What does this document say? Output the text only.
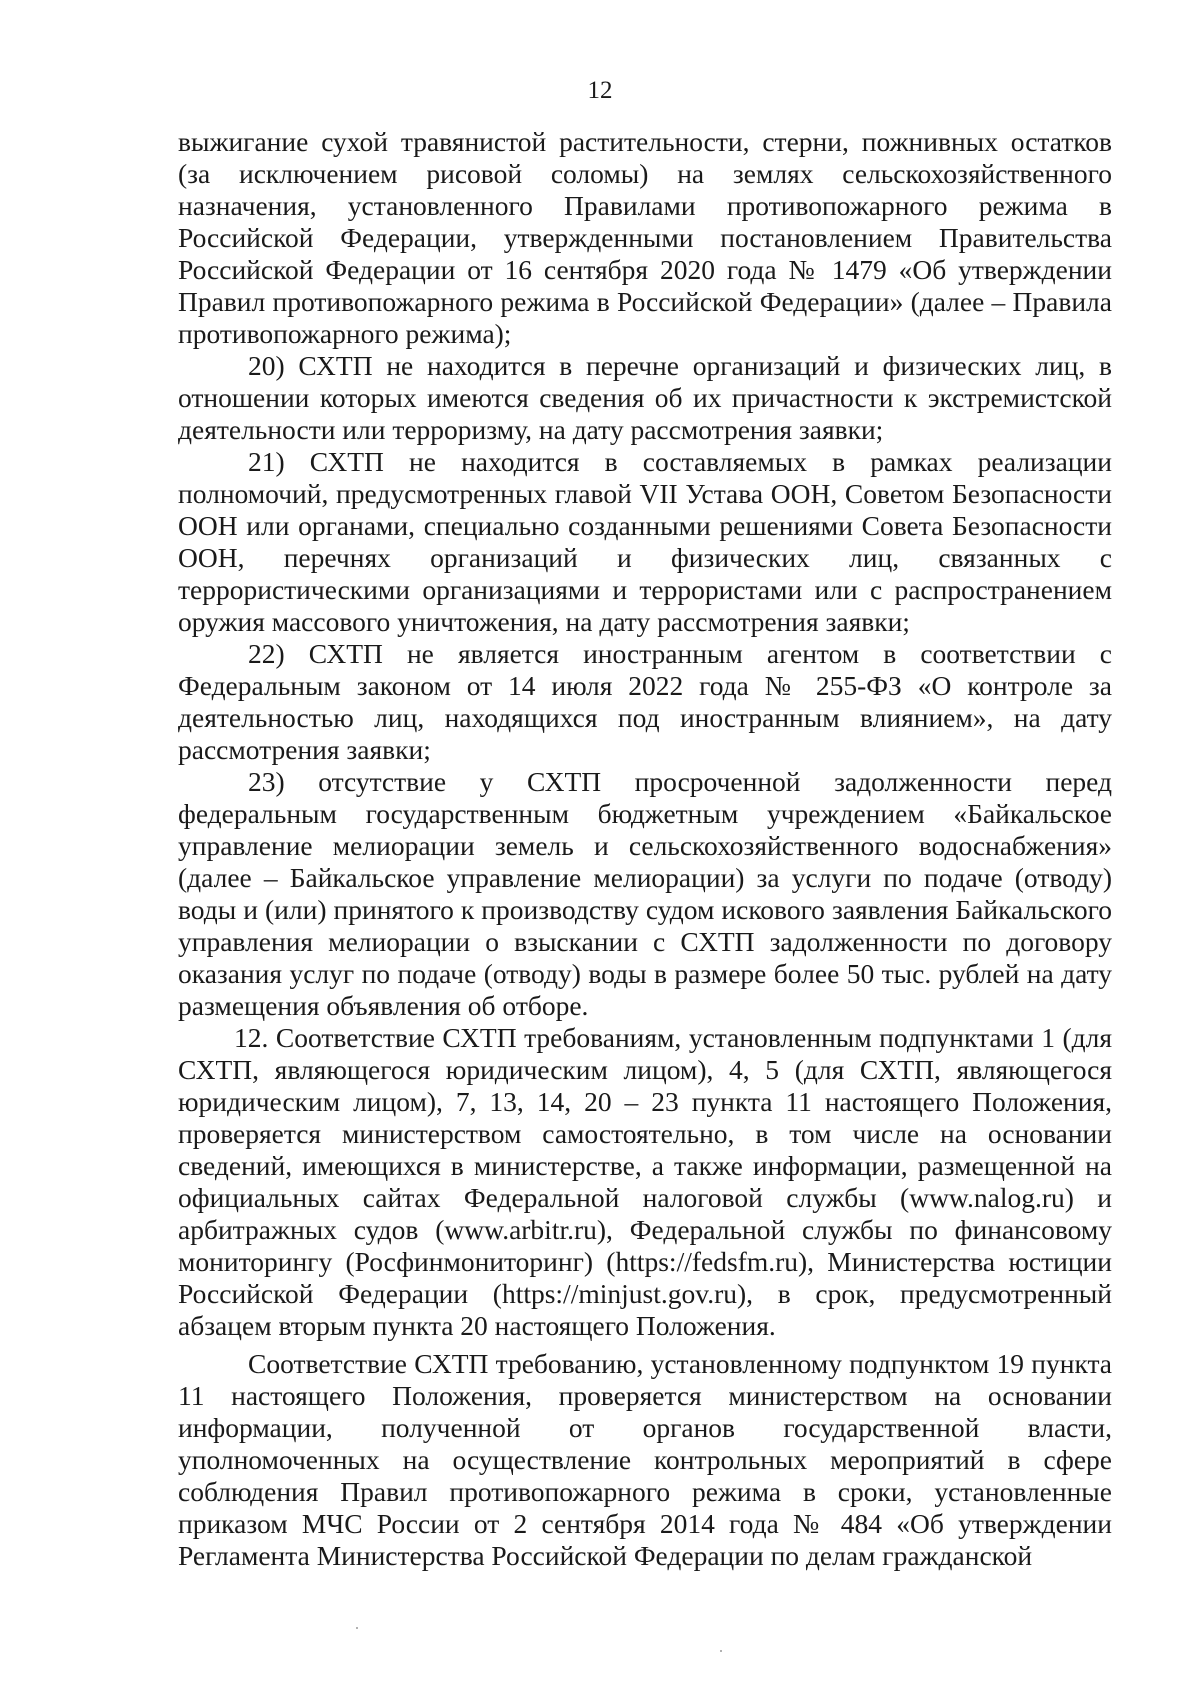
12

выжигание сухой травянистой растительности, стерни, пожнивных остатков (за исключением рисовой соломы) на землях сельскохозяйственного назначения, установленного Правилами противопожарного режима в Российской Федерации, утвержденными постановлением Правительства Российской Федерации от 16 сентября 2020 года № 1479 «Об утверждении Правил противопожарного режима в Российской Федерации» (далее – Правила противопожарного режима);

20) СХТП не находится в перечне организаций и физических лиц, в отношении которых имеются сведения об их причастности к экстремистской деятельности или терроризму, на дату рассмотрения заявки;

21) СХТП не находится в составляемых в рамках реализации полномочий, предусмотренных главой VII Устава ООН, Советом Безопасности ООН или органами, специально созданными решениями Совета Безопасности ООН, перечнях организаций и физических лиц, связанных с террористическими организациями и террористами или с распространением оружия массового уничтожения, на дату рассмотрения заявки;

22) СХТП не является иностранным агентом в соответствии с Федеральным законом от 14 июля 2022 года № 255-ФЗ «О контроле за деятельностью лиц, находящихся под иностранным влиянием», на дату рассмотрения заявки;

23) отсутствие у СХТП просроченной задолженности перед федеральным государственным бюджетным учреждением «Байкальское управление мелиорации земель и сельскохозяйственного водоснабжения» (далее – Байкальское управление мелиорации) за услуги по подаче (отводу) воды и (или) принятого к производству судом искового заявления Байкальского управления мелиорации о взыскании с СХТП задолженности по договору оказания услуг по подаче (отводу) воды в размере более 50 тыс. рублей на дату размещения объявления об отборе.

12. Соответствие СХТП требованиям, установленным подпунктами 1 (для СХТП, являющегося юридическим лицом), 4, 5 (для СХТП, являющегося юридическим лицом), 7, 13, 14, 20 – 23 пункта 11 настоящего Положения, проверяется министерством самостоятельно, в том числе на основании сведений, имеющихся в министерстве, а также информации, размещенной на официальных сайтах Федеральной налоговой службы (www.nalog.ru) и арбитражных судов (www.arbitr.ru), Федеральной службы по финансовому мониторингу (Росфинмониторинг) (https://fedsfm.ru), Министерства юстиции Российской Федерации (https://minjust.gov.ru), в срок, предусмотренный абзацем вторым пункта 20 настоящего Положения.

Соответствие СХТП требованию, установленному подпунктом 19 пункта 11 настоящего Положения, проверяется министерством на основании информации, полученной от органов государственной власти, уполномоченных на осуществление контрольных мероприятий в сфере соблюдения Правил противопожарного режима в сроки, установленные приказом МЧС России от 2 сентября 2014 года № 484 «Об утверждении Регламента Министерства Российской Федерации по делам гражданской
